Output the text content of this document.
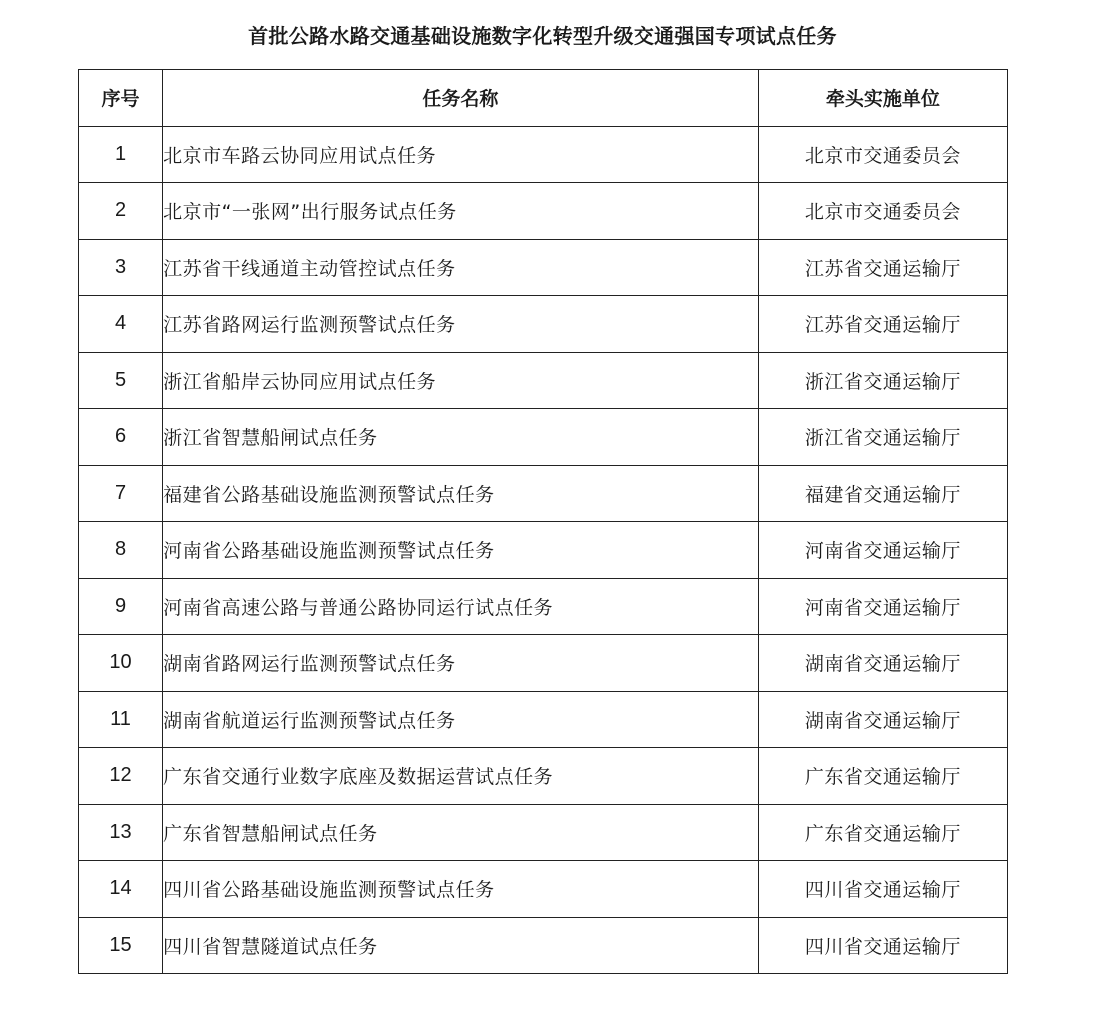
首批公路水路交通基础设施数字化转型升级交通强国专项试点任务
序号	任务名称	牵头实施单位
1	北京市车路云协同应用试点任务	北京市交通委员会
2	北京市“一张网”出行服务试点任务	北京市交通委员会
3	江苏省干线通道主动管控试点任务	江苏省交通运输厅
4	江苏省路网运行监测预警试点任务	江苏省交通运输厅
5	浙江省船岸云协同应用试点任务	浙江省交通运输厅
6	浙江省智慧船闸试点任务	浙江省交通运输厅
7	福建省公路基础设施监测预警试点任务	福建省交通运输厅
8	河南省公路基础设施监测预警试点任务	河南省交通运输厅
9	河南省高速公路与普通公路协同运行试点任务	河南省交通运输厅
10	湖南省路网运行监测预警试点任务	湖南省交通运输厅
11	湖南省航道运行监测预警试点任务	湖南省交通运输厅
12	广东省交通行业数字底座及数据运营试点任务	广东省交通运输厅
13	广东省智慧船闸试点任务	广东省交通运输厅
14	四川省公路基础设施监测预警试点任务	四川省交通运输厅
15	四川省智慧隧道试点任务	四川省交通运输厅
